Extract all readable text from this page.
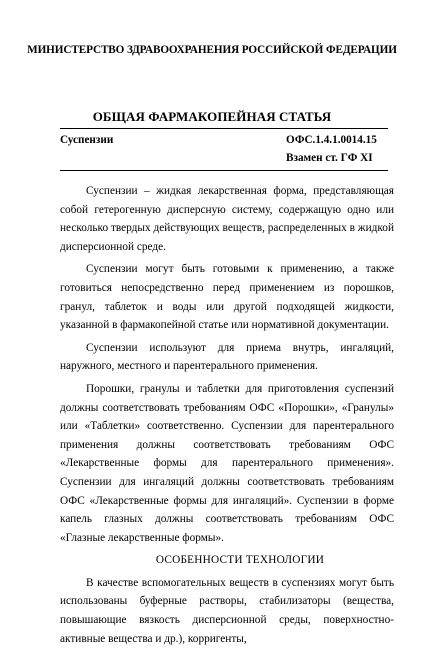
МИНИСТЕРСТВО ЗДРАВООХРАНЕНИЯ РОССИЙСКОЙ ФЕДЕРАЦИИ
ОБЩАЯ ФАРМАКОПЕЙНАЯ СТАТЬЯ
Суспензии	ОФС.1.4.1.0014.15
Взамен ст. ГФ XI

Суспензии – жидкая лекарственная форма, представляющая собой гетерогенную дисперсную систему, содержащую одно или несколько твердых действующих веществ, распределенных в жидкой дисперсионной среде.

Суспензии могут быть готовыми к применению, а также готовиться непосредственно перед применением из порошков, гранул, таблеток и воды или другой подходящей жидкости, указанной в фармакопейной статье или нормативной документации.

Суспензии используют для приема внутрь, ингаляций, наружного, местного и парентерального применения.

Порошки, гранулы и таблетки для приготовления суспензий должны соответствовать требованиям ОФС «Порошки», «Гранулы» или «Таблетки» соответственно. Суспензии для парентерального применения должны соответствовать требованиям ОФС «Лекарственные формы для парентерального применения». Суспензии для ингаляций должны соответствовать требованиям ОФС «Лекарственные формы для ингаляций». Суспензии в форме капель глазных должны соответствовать требованиям ОФС «Глазные лекарственные формы».

ОСОБЕННОСТИ ТЕХНОЛОГИИ

В качестве вспомогательных веществ в суспензиях могут быть использованы буферные растворы, стабилизаторы (вещества, повышающие вязкость дисперсионной среды, поверхностно-активные вещества и др.), корригенты,
